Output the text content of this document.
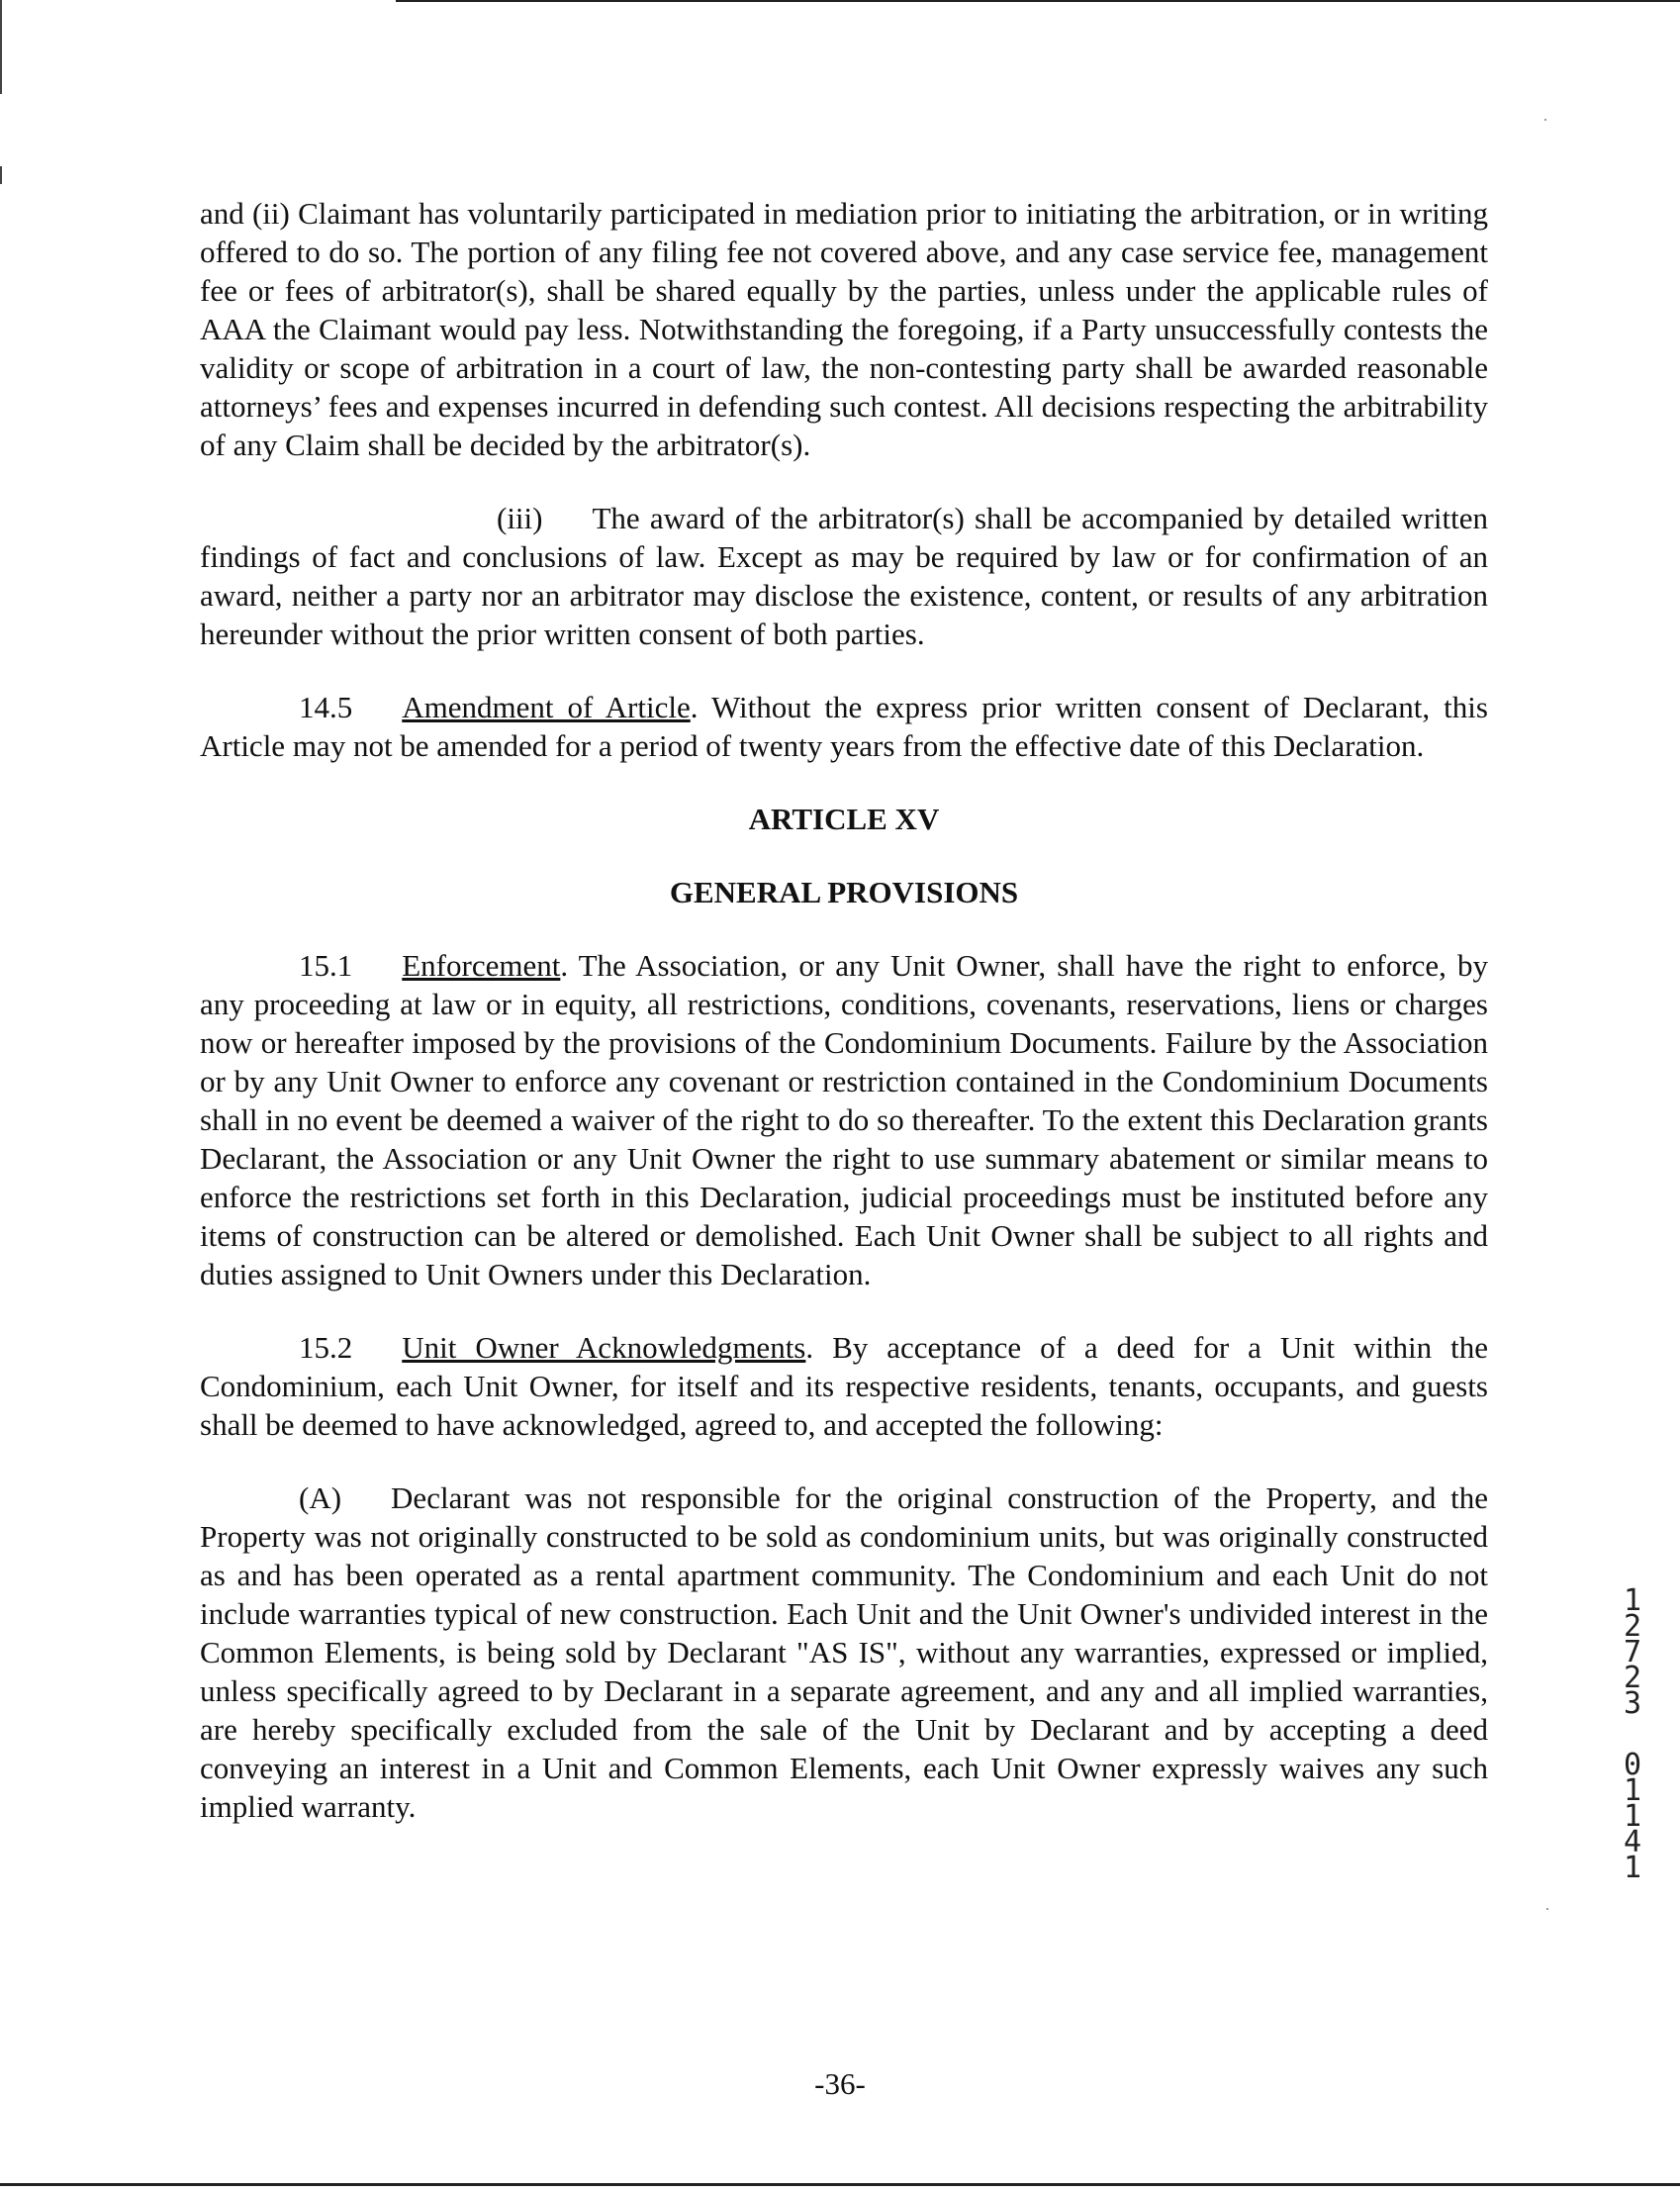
and (ii) Claimant has voluntarily participated in mediation prior to initiating the arbitration, or in writing offered to do so. The portion of any filing fee not covered above, and any case service fee, management fee or fees of arbitrator(s), shall be shared equally by the parties, unless under the applicable rules of AAA the Claimant would pay less. Notwithstanding the foregoing, if a Party unsuccessfully contests the validity or scope of arbitration in a court of law, the non-contesting party shall be awarded reasonable attorneys’ fees and expenses incurred in defending such contest. All decisions respecting the arbitrability of any Claim shall be decided by the arbitrator(s).

(iii) The award of the arbitrator(s) shall be accompanied by detailed written findings of fact and conclusions of law. Except as may be required by law or for confirmation of an award, neither a party nor an arbitrator may disclose the existence, content, or results of any arbitration hereunder without the prior written consent of both parties.

14.5 Amendment of Article. Without the express prior written consent of Declarant, this Article may not be amended for a period of twenty years from the effective date of this Declaration.

ARTICLE XV
GENERAL PROVISIONS

15.1 Enforcement. The Association, or any Unit Owner, shall have the right to enforce, by any proceeding at law or in equity, all restrictions, conditions, covenants, reservations, liens or charges now or hereafter imposed by the provisions of the Condominium Documents. Failure by the Association or by any Unit Owner to enforce any covenant or restriction contained in the Condominium Documents shall in no event be deemed a waiver of the right to do so thereafter. To the extent this Declaration grants Declarant, the Association or any Unit Owner the right to use summary abatement or similar means to enforce the restrictions set forth in this Declaration, judicial proceedings must be instituted before any items of construction can be altered or demolished. Each Unit Owner shall be subject to all rights and duties assigned to Unit Owners under this Declaration.

15.2 Unit Owner Acknowledgments. By acceptance of a deed for a Unit within the Condominium, each Unit Owner, for itself and its respective residents, tenants, occupants, and guests shall be deemed to have acknowledged, agreed to, and accepted the following:

(A) Declarant was not responsible for the original construction of the Property, and the Property was not originally constructed to be sold as condominium units, but was originally constructed as and has been operated as a rental apartment community. The Condominium and each Unit do not include warranties typical of new construction. Each Unit and the Unit Owner's undivided interest in the Common Elements, is being sold by Declarant "AS IS", without any warranties, expressed or implied, unless specifically agreed to by Declarant in a separate agreement, and any and all implied warranties, are hereby specifically excluded from the sale of the Unit by Declarant and by accepting a deed conveying an interest in a Unit and Common Elements, each Unit Owner expressly waives any such implied warranty.

1
2
7
2
3
0
1
1
4
1
-36-
